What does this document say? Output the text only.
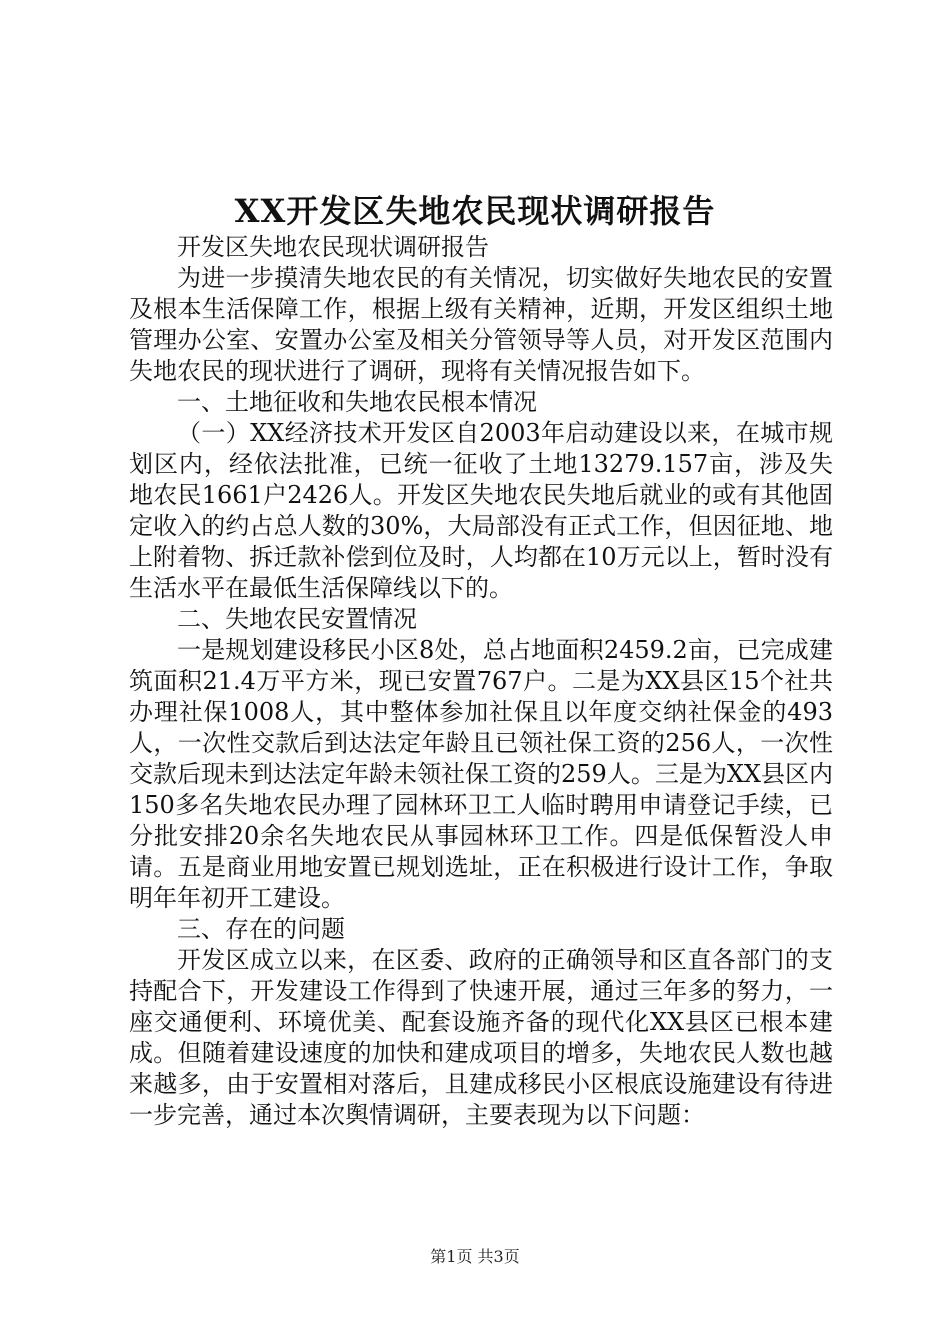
XX开发区失地农民现状调研报告

开发区失地农民现状调研报告

为进一步摸清失地农民的有关情况，切实做好失地农民的安置及根本生活保障工作，根据上级有关精神，近期，开发区组织土地管理办公室、安置办公室及相关分管领导等人员，对开发区范围内失地农民的现状进行了调研，现将有关情况报告如下。

一、土地征收和失地农民根本情况

（一）XX经济技术开发区自2003年启动建设以来，在城市规划区内，经依法批准，已统一征收了土地13279.157亩，涉及失地农民1661户2426人。开发区失地农民失地后就业的或有其他固定收入的约占总人数的30%，大局部没有正式工作，但因征地、地上附着物、拆迁款补偿到位及时，人均都在10万元以上，暂时没有生活水平在最低生活保障线以下的。

二、失地农民安置情况

一是规划建设移民小区8处，总占地面积2459.2亩，已完成建筑面积21.4万平方米，现已安置767户。二是为XX县区15个社共办理社保1008人，其中整体参加社保且以年度交纳社保金的493人，一次性交款后到达法定年龄且已领社保工资的256人，一次性交款后现未到达法定年龄未领社保工资的259人。三是为XX县区内150多名失地农民办理了园林环卫工人临时聘用申请登记手续，已分批安排20余名失地农民从事园林环卫工作。四是低保暂没人申请。五是商业用地安置已规划选址，正在积极进行设计工作，争取明年年初开工建设。

三、存在的问题

开发区成立以来，在区委、政府的正确领导和区直各部门的支持配合下，开发建设工作得到了快速开展，通过三年多的努力，一座交通便利、环境优美、配套设施齐备的现代化XX县区已根本建成。但随着建设速度的加快和建成项目的增多，失地农民人数也越来越多，由于安置相对落后，且建成移民小区根底设施建设有待进一步完善，通过本次舆情调研，主要表现为以下问题：

第1页 共3页
